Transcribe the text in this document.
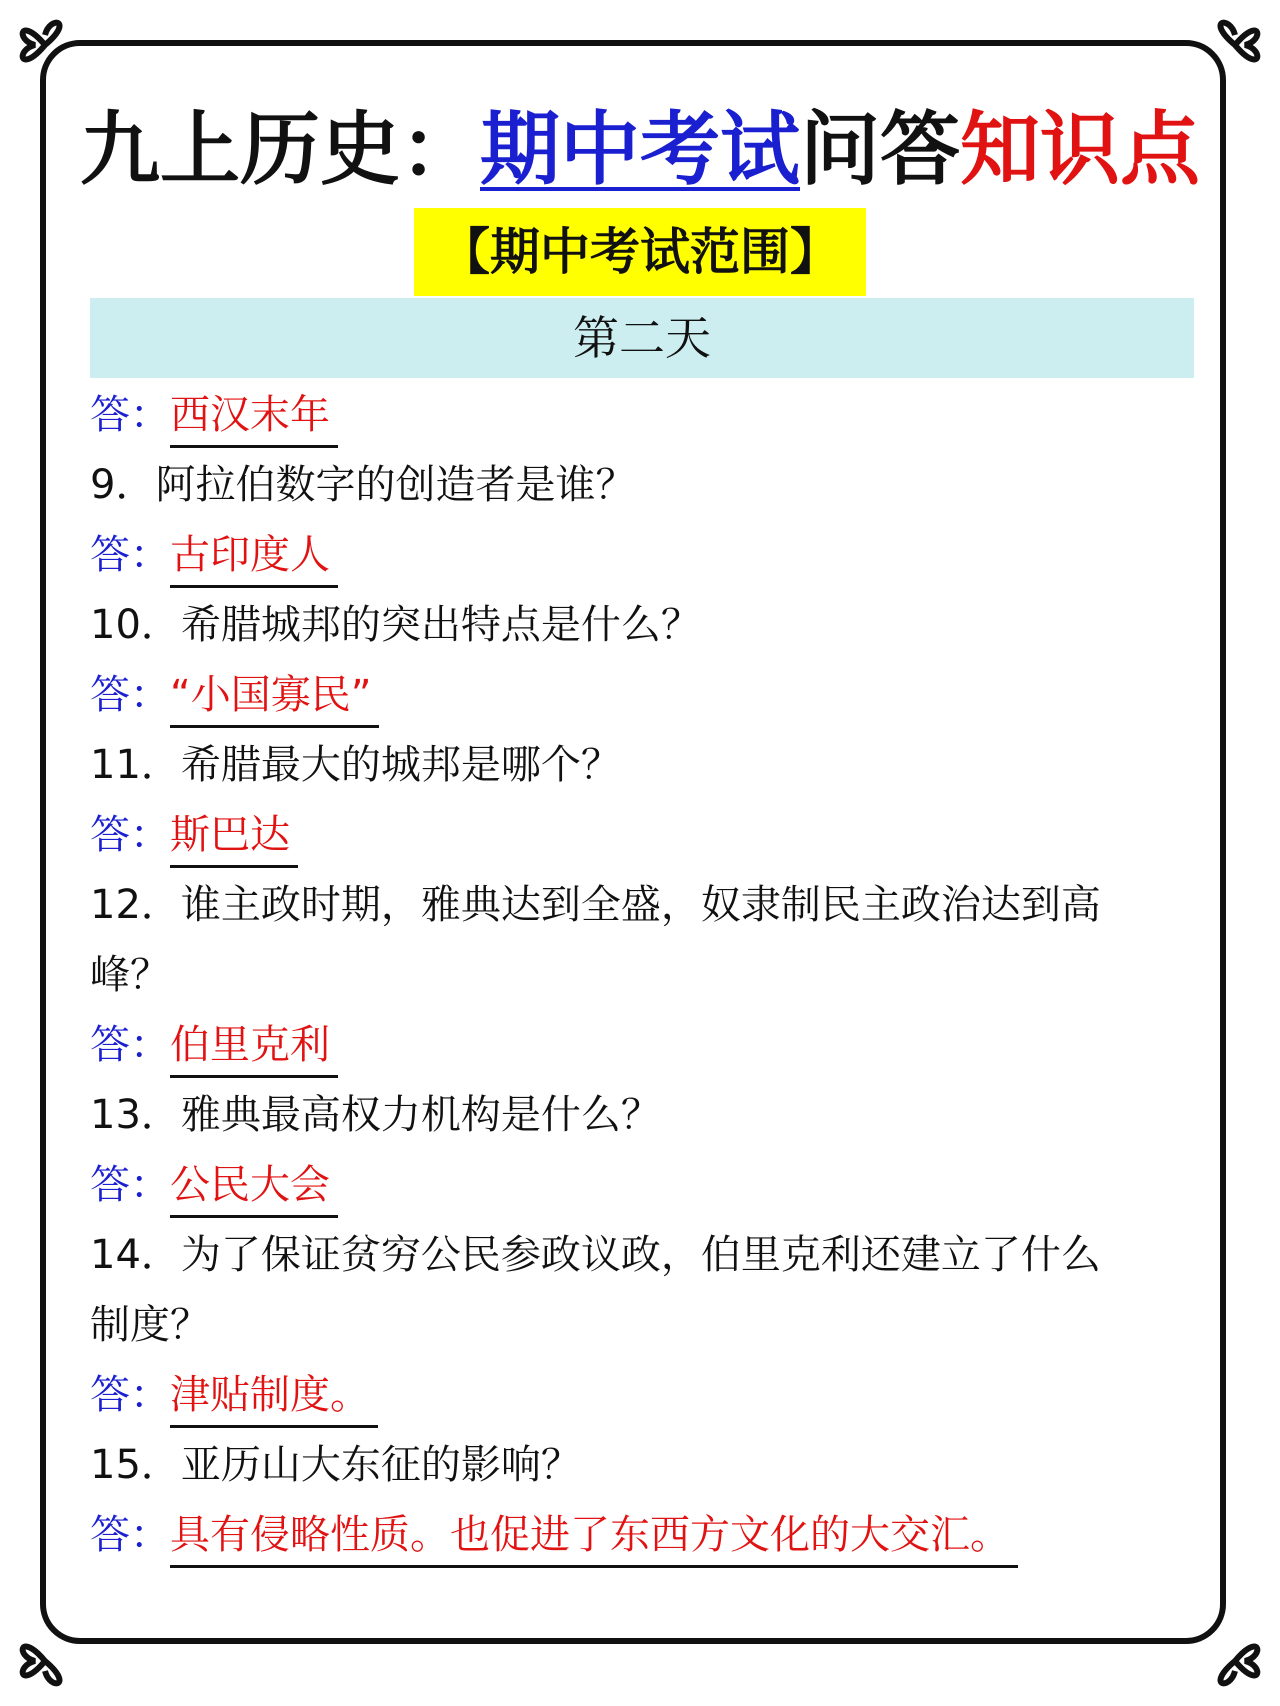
九上历史：期中考试问答知识点
【期中考试范围】
第二天
答：西汉末年
9．阿拉伯数字的创造者是谁？
答：古印度人
10．希腊城邦的突出特点是什么？
答：“小国寡民”
11．希腊最大的城邦是哪个？
答：斯巴达
12．谁主政时期，雅典达到全盛，奴隶制民主政治达到高
峰？
答：伯里克利
13．雅典最高权力机构是什么？
答：公民大会
14．为了保证贫穷公民参政议政，伯里克利还建立了什么
制度？
答：津贴制度。
15．亚历山大东征的影响？
答：具有侵略性质。也促进了东西方文化的大交汇。
